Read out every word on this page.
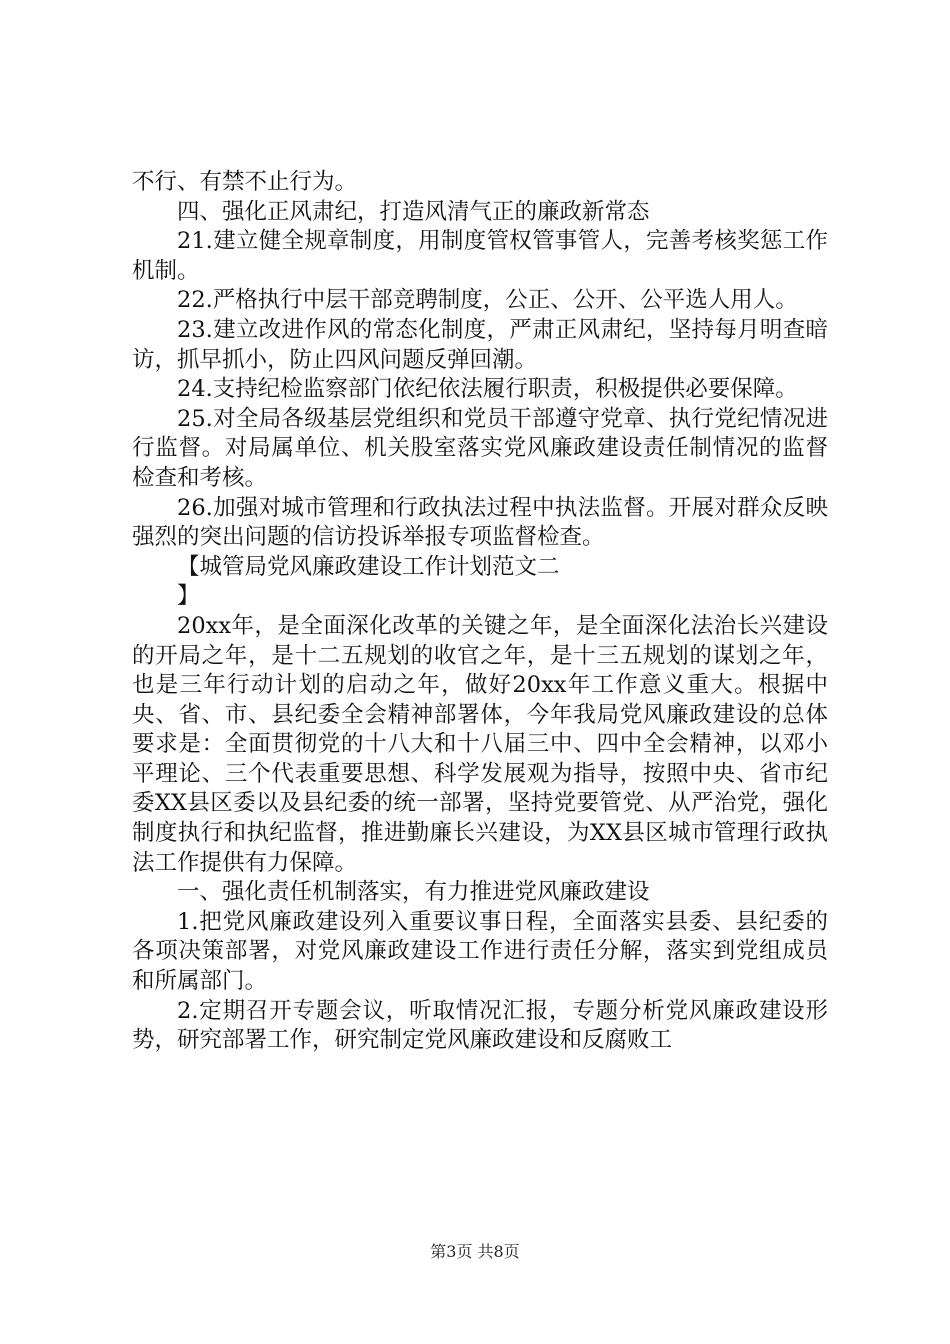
不行、有禁不止行为。

四、强化正风肃纪，打造风清气正的廉政新常态

21.建立健全规章制度，用制度管权管事管人，完善考核奖惩工作机制。

22.严格执行中层干部竞聘制度，公正、公开、公平选人用人。

23.建立改进作风的常态化制度，严肃正风肃纪，坚持每月明查暗访，抓早抓小，防止四风问题反弹回潮。

24.支持纪检监察部门依纪依法履行职责，积极提供必要保障。

25.对全局各级基层党组织和党员干部遵守党章、执行党纪情况进行监督。对局属单位、机关股室落实党风廉政建设责任制情况的监督检查和考核。

26.加强对城市管理和行政执法过程中执法监督。开展对群众反映强烈的突出问题的信访投诉举报专项监督检查。

【城管局党风廉政建设工作计划范文二

】

20xx年，是全面深化改革的关键之年，是全面深化法治长兴建设的开局之年，是十二五规划的收官之年，是十三五规划的谋划之年，也是三年行动计划的启动之年，做好20xx年工作意义重大。根据中央、省、市、县纪委全会精神部署体，今年我局党风廉政建设的总体要求是：全面贯彻党的十八大和十八届三中、四中全会精神，以邓小平理论、三个代表重要思想、科学发展观为指导，按照中央、省市纪委XX县区委以及县纪委的统一部署，坚持党要管党、从严治党，强化制度执行和执纪监督，推进勤廉长兴建设，为XX县区城市管理行政执法工作提供有力保障。

一、强化责任机制落实，有力推进党风廉政建设

1.把党风廉政建设列入重要议事日程，全面落实县委、县纪委的各项决策部署，对党风廉政建设工作进行责任分解，落实到党组成员和所属部门。

2.定期召开专题会议，听取情况汇报，专题分析党风廉政建设形势，研究部署工作，研究制定党风廉政建设和反腐败工

第3页 共8页
